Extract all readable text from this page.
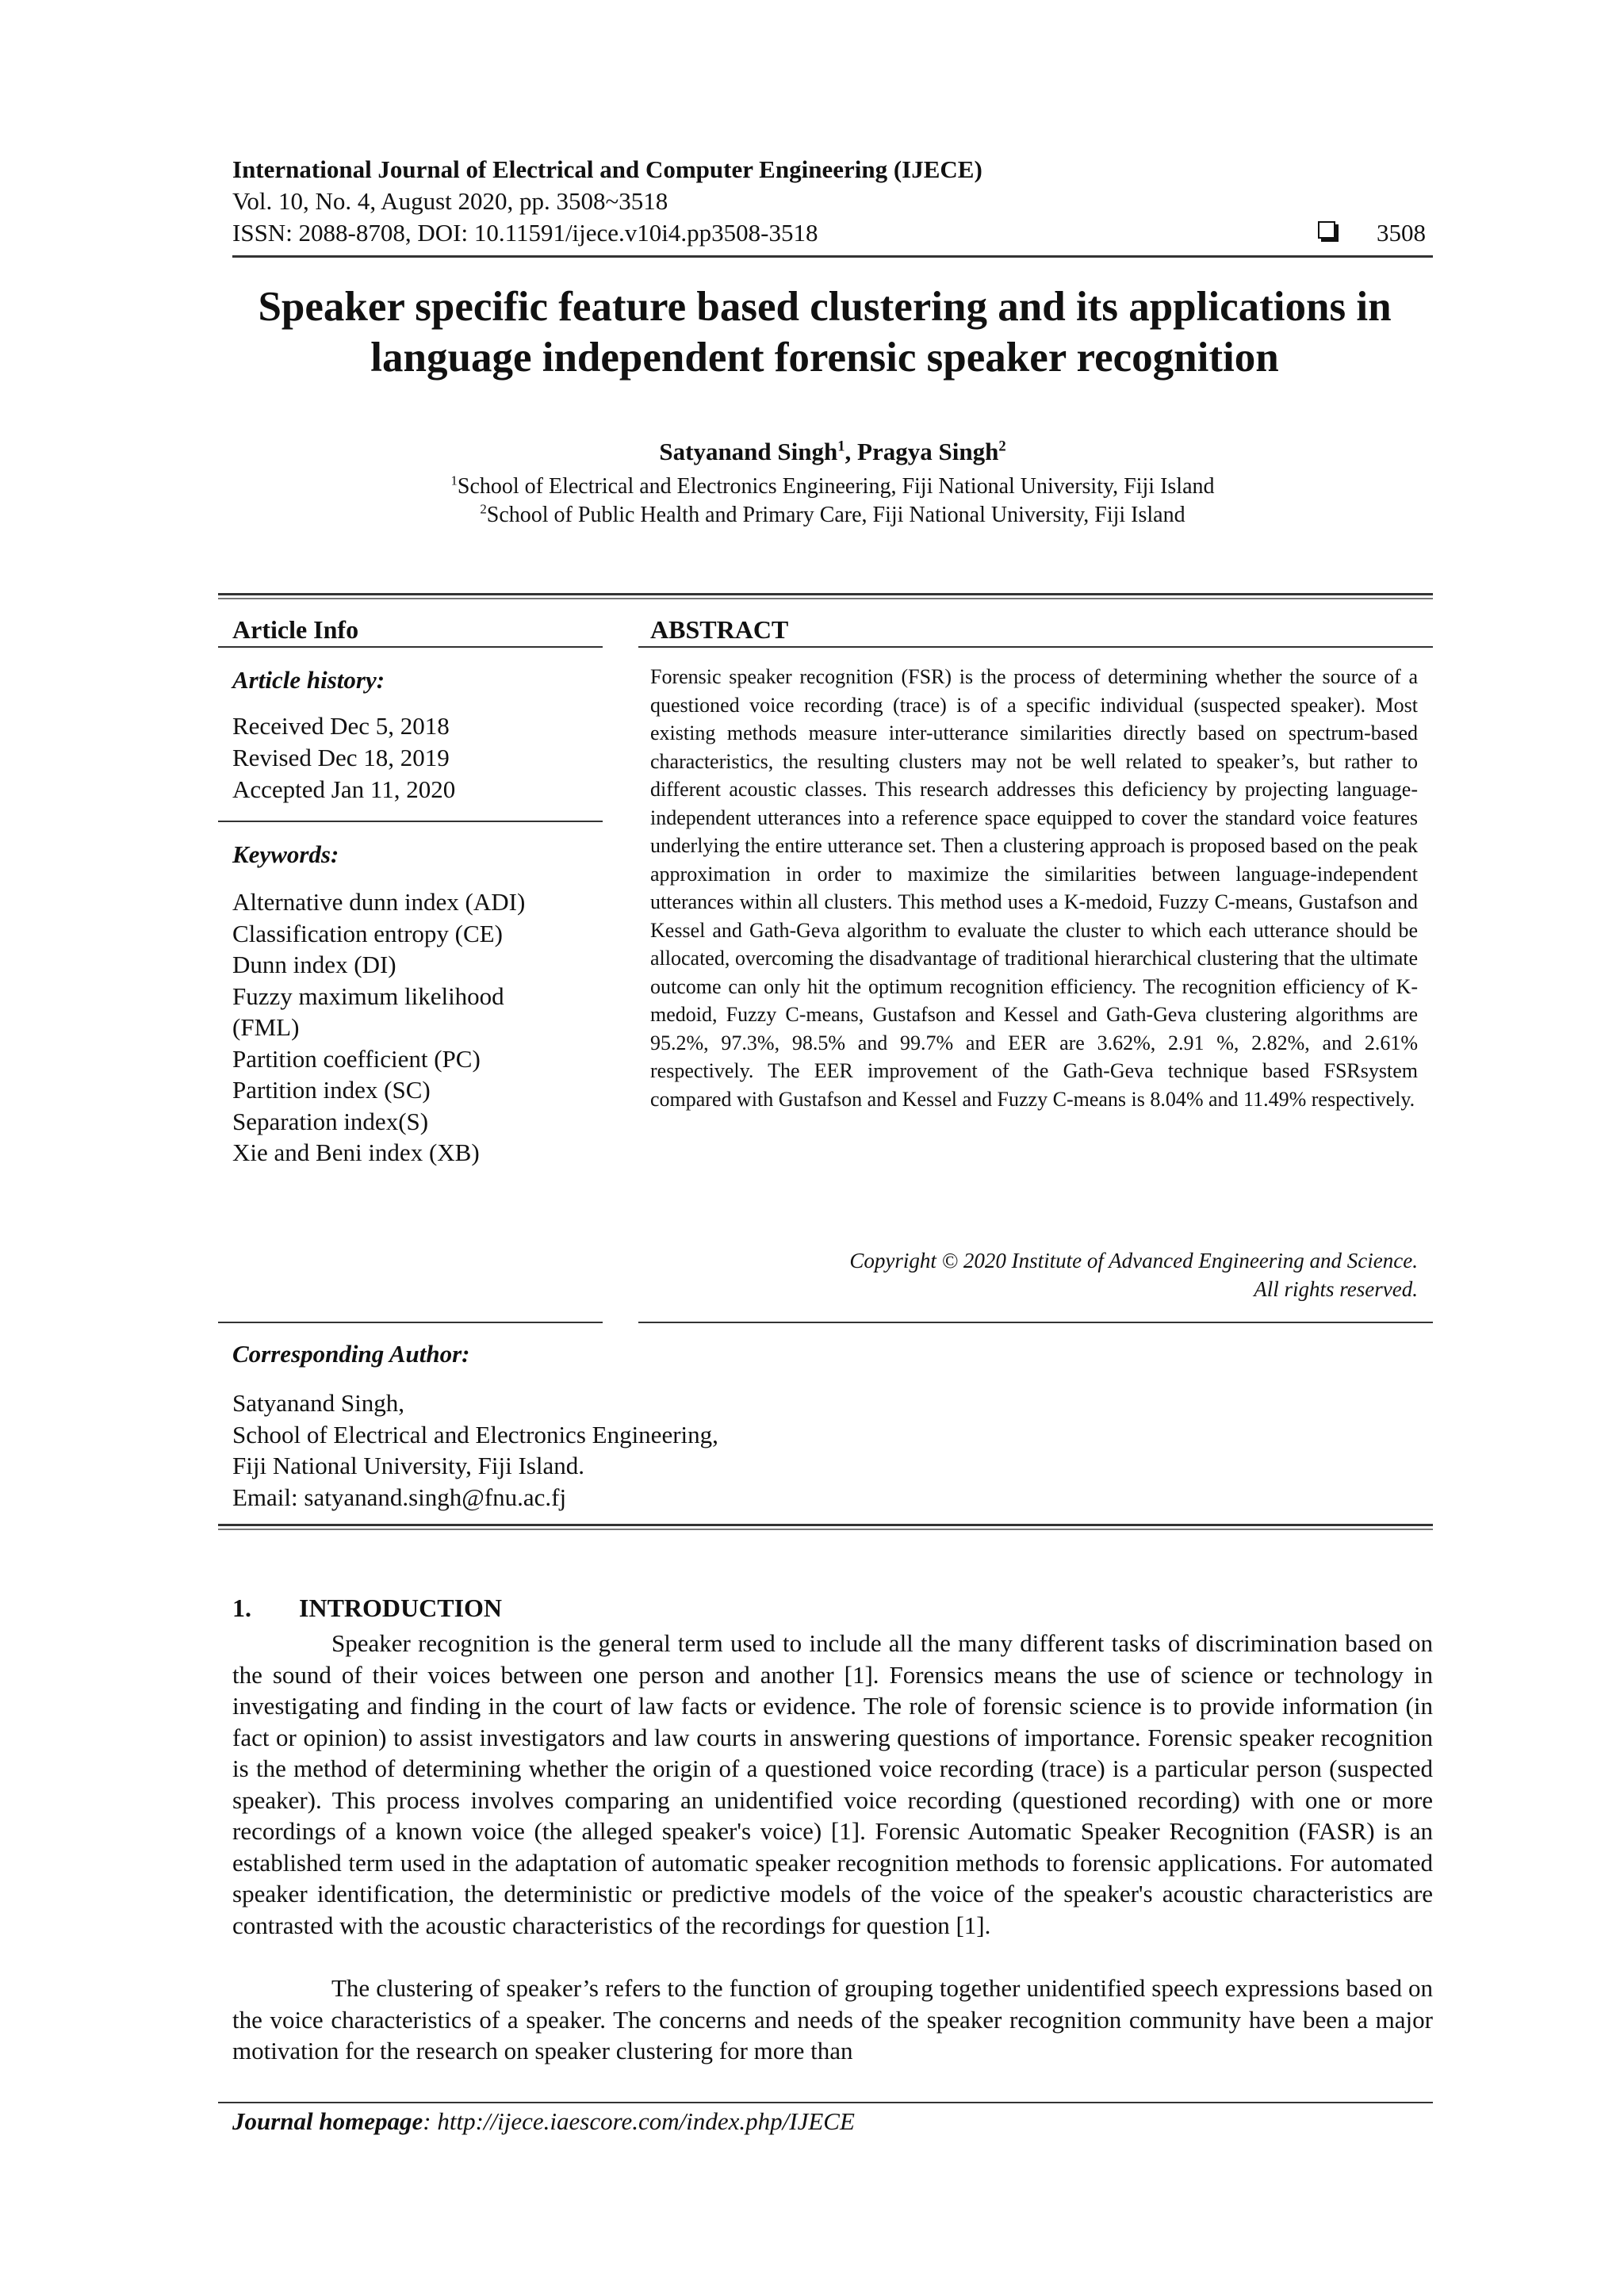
International Journal of Electrical and Computer Engineering (IJECE)
Vol. 10, No. 4, August 2020, pp. 3508~3518
ISSN: 2088-8708, DOI: 10.11591/ijece.v10i4.pp3508-3518	3508
Speaker specific feature based clustering and its applications in
language independent forensic speaker recognition
Satyanand Singh$^1$, Pragya Singh$^2$
$^1$School of Electrical and Electronics Engineering, Fiji National University, Fiji Island
$^2$School of Public Health and Primary Care, Fiji National University, Fiji Island
Article Info
Article history:
Received Dec 5, 2018
Revised Dec 18, 2019
Accepted Jan 11, 2020
Keywords:
Alternative dunn index (ADI)
Classification entropy (CE)
Dunn index (DI)
Fuzzy maximum likelihood
(FML)
Partition coefficient (PC)
Partition index (SC)
Separation index(S)
Xie and Beni index (XB)
ABSTRACT
Forensic speaker recognition (FSR) is the process of determining whether the source of a questioned voice recording (trace) is of a specific individual (suspected speaker). Most existing methods measure inter-utterance similarities directly based on spectrum-based characteristics, the resulting clusters may not be well related to speaker’s, but rather to different acoustic classes. This research addresses this deficiency by projecting language-independent utterances into a reference space equipped to cover the standard voice features underlying the entire utterance set. Then a clustering approach is proposed based on the peak approximation in order to maximize the similarities between language-independent utterances within all clusters. This method uses a K-medoid, Fuzzy C-means, Gustafson and Kessel and Gath-Geva algorithm to evaluate the cluster to which each utterance should be allocated, overcoming the disadvantage of traditional hierarchical clustering that the ultimate outcome can only hit the optimum recognition efficiency. The recognition efficiency of K-medoid, Fuzzy C-means, Gustafson and Kessel and Gath-Geva clustering algorithms are 95.2%, 97.3%, 98.5% and 99.7% and EER are 3.62%, 2.91 %, 2.82%, and 2.61% respectively. The EER improvement of the Gath-Geva technique based FSRsystem compared with Gustafson and Kessel and Fuzzy C-means is 8.04% and 11.49% respectively.
Copyright © 2020 Institute of Advanced Engineering and Science.
All rights reserved.
Corresponding Author:
Satyanand Singh,
School of Electrical and Electronics Engineering,
Fiji National University, Fiji Island.
Email: satyanand.singh@fnu.ac.fj
1. INTRODUCTION
Speaker recognition is the general term used to include all the many different tasks of discrimination based on the sound of their voices between one person and another [1]. Forensics means the use of science or technology in investigating and finding in the court of law facts or evidence. The role of forensic science is to provide information (in fact or opinion) to assist investigators and law courts in answering questions of importance. Forensic speaker recognition is the method of determining whether the origin of a questioned voice recording (trace) is a particular person (suspected speaker). This process involves comparing an unidentified voice recording (questioned recording) with one or more recordings of a known voice (the alleged speaker's voice) [1]. Forensic Automatic Speaker Recognition (FASR) is an established term used in the adaptation of automatic speaker recognition methods to forensic applications. For automated speaker identification, the deterministic or predictive models of the voice of the speaker's acoustic characteristics are contrasted with the acoustic characteristics of the recordings for question [1].
The clustering of speaker’s refers to the function of grouping together unidentified speech expressions based on the voice characteristics of a speaker. The concerns and needs of the speaker recognition community have been a major motivation for the research on speaker clustering for more than
Journal homepage: http://ijece.iaescore.com/index.php/IJECE
